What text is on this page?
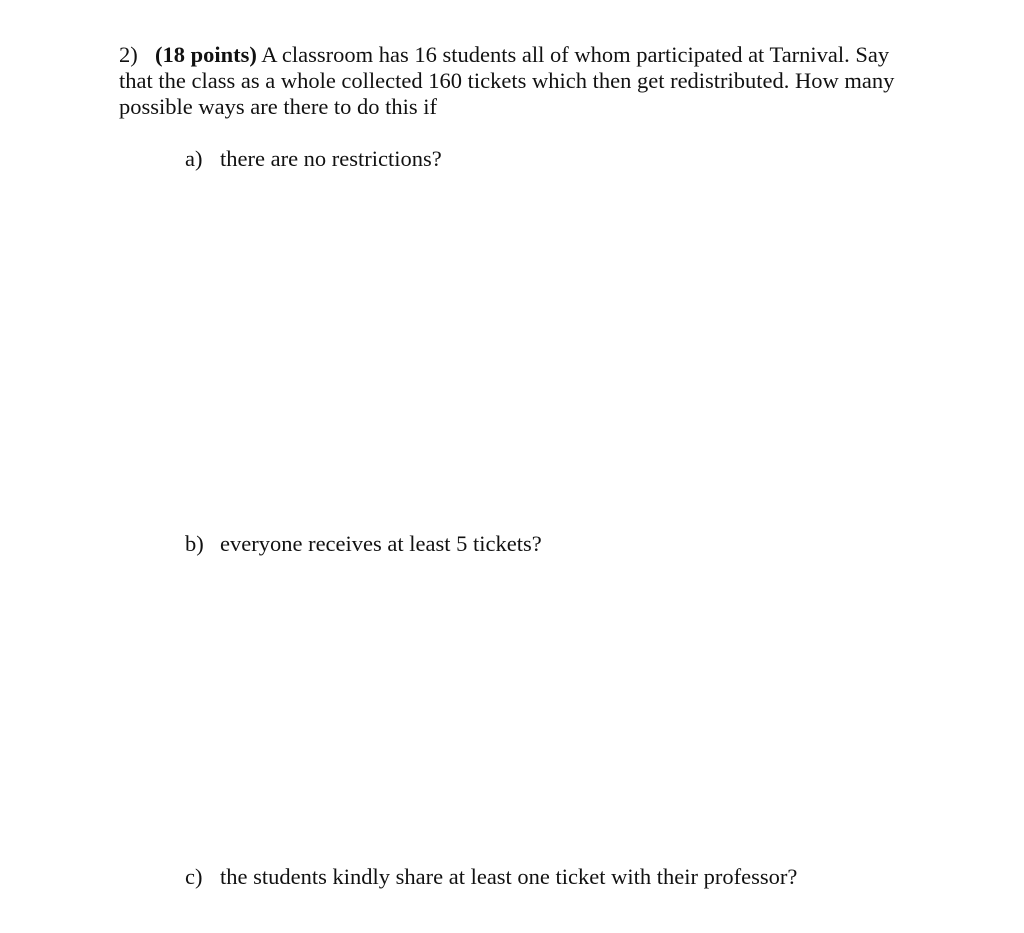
2) (18 points) A classroom has 16 students all of whom participated at Tarnival. Say
that the class as a whole collected 160 tickets which then get redistributed. How many
possible ways are there to do this if
a) there are no restrictions?
b) everyone receives at least 5 tickets?
c) the students kindly share at least one ticket with their professor?
